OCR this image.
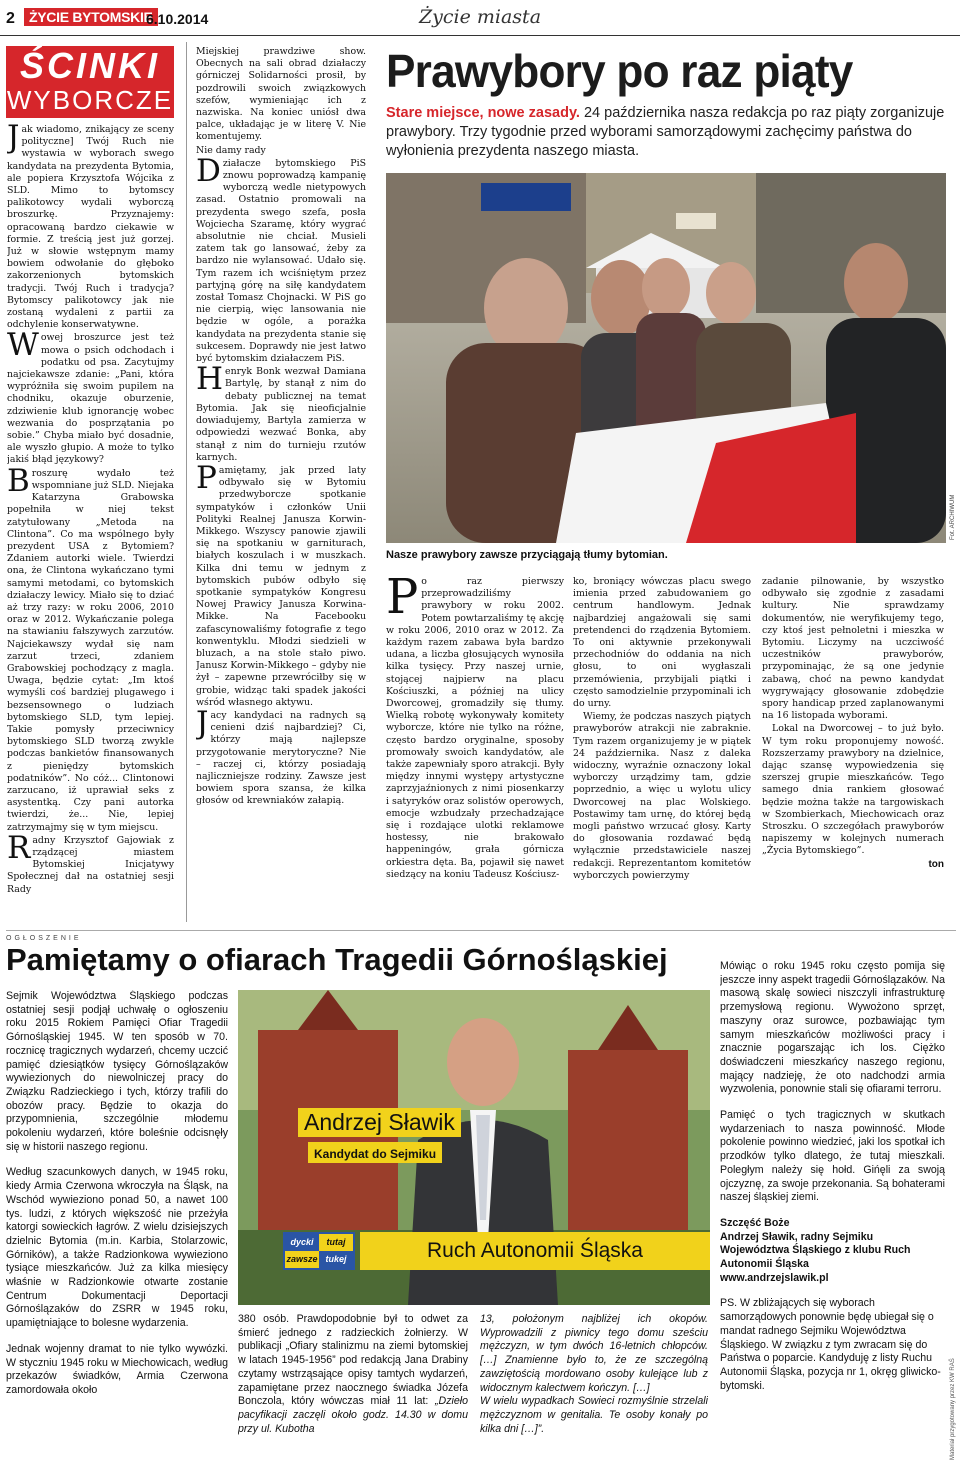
2	ŻYCIE BYTOMSKIE
6.10.2014	Życie miasta
ŚCINKI
WYBORCZE

Jak wiadomo, znikający ze sceny polityczne] Twój Ruch nie wystawia w wyborach swego kandydata na prezydenta Bytomia, ale popiera Krzysztofa Wójcika z SLD. Mimo to bytomscy palikotowcy wydali wyborczą broszurkę. Przyznajemy: opracowaną bardzo ciekawie w formie. Z treścią jest już gorzej. Już w słowie wstępnym mamy bowiem odwołanie do głęboko zakorzenionych bytomskich tradycji. Twój Ruch i tradycja? Bytomscy palikotowcy jak nie zostaną wydaleni z partii za odchylenie konserwatywne.

Wowej broszurce jest też mowa o psich odchodach i podatku od psa. Zacytujmy najciekawsze zdanie: „Pani, która wypróżniła się swoim pupilem na chodniku, okazuje oburzenie, zdziwienie klub ignorancję wobec wezwania do posprzątania po sobie.” Chyba miało być dosadnie, ale wyszło głupio. A może to tylko jakiś błąd językowy?

Broszurę wydało też wspomniane już SLD. Niejaka Katarzyna Grabowska popełniła w niej tekst zatytułowany „Metoda na Clintona”. Co ma wspólnego były prezydent USA z Bytomiem? Zdaniem autorki wiele. Twierdzi ona, że Clintona wykańczano tymi samymi metodami, co bytomskich działaczy lewicy. Miało się to dziać aż trzy razy: w roku 2006, 2010 oraz w 2012. Wykańczanie polega na stawianiu fałszywych zarzutów. Najciekawszy wydał się nam zarzut trzeci, zdaniem Grabowskiej pochodzący z magla. Uwaga, będzie cytat: „Im ktoś wymyśli coś bardziej plugawego i bezsensownego o ludziach bytomskiego SLD, tym lepiej. Takie pomysły przeciwnicy bytomskiego SLD tworzą zwykle podczas bankietów finansowanych z pieniędzy bytomskich podatników”. No cóż... Clintonowi zarzucano, iż uprawiał seks z asystentką. Czy pani autorka twierdzi, że... Nie, lepiej zatrzymajmy się w tym miejscu.

Radny Krzysztof Gajowiak z rządzącej miastem Bytomskiej Inicjatywy Społecznej dał na ostatniej sesji Rady

Miejskiej prawdziwe show. Obecnych na sali obrad działaczy górniczej Solidarności prosił, by pozdrowili swoich związkowych szefów, wymieniając ich z nazwiska. Na koniec uniósł dwa palce, układając je w literę V. Nie komentujemy.

Nie damy rady

Działacze bytomskiego PiS znowu poprowadzą kampanię wyborczą wedle nietypowych zasad. Ostatnio promowali na prezydenta swego szefa, posła Wojciecha Szaramę, który wygrać absolutnie nie chciał. Musieli zatem tak go lansować, żeby za bardzo nie wylansować. Udało się. Tym razem ich wciśniętym przez partyjną górę na siłę kandydatem został Tomasz Chojnacki. W PiS go nie cierpią, więc lansowania nie będzie w ogóle, a porażka kandydata na prezydenta stanie się sukcesem. Doprawdy nie jest łatwo być bytomskim działaczem PiS.

Henryk Bonk wezwał Damiana Bartylę, by stanął z nim do debaty publicznej na temat Bytomia. Jak się nieoficjalnie dowiadujemy, Bartyla zamierza w odpowiedzi wezwać Bonka, aby stanął z nim do turnieju rzutów karnych.

Pamiętamy, jak przed laty odbywało się w Bytomiu przedwyborcze spotkanie sympatyków i członków Unii Polityki Realnej Janusza Korwin-Mikkego. Wszyscy panowie zjawili się na spotkaniu w garniturach, białych koszulach i w muszkach. Kilka dni temu w jednym z bytomskich pubów odbyło się spotkanie sympatyków Kongresu Nowej Prawicy Janusza Korwina-Mikke. Na Facebooku zafascynowaliśmy fotografie z tego konwentyklu. Młodzi siedzieli w bluzach, a na stole stało piwo. Janusz Korwin-Mikkego – gdyby nie żył – zapewne przewróciłby się w grobie, widząc taki spadek jakości wśród własnego aktywu.

Jacy kandydaci na radnych są cenieni dziś najbardziej? Ci, którzy mają najlepsze przygotowanie merytoryczne? Nie – raczej ci, którzy posiadają najliczniejsze rodziny. Zawsze jest bowiem spora szansa, że kilka głosów od krewniaków załapią.

Prawybory po raz piąty
Stare miejsce, nowe zasady. 24 października nasza redakcja po raz piąty zorganizuje prawybory. Trzy tygodnie przed wyborami samorządowymi zachęcimy państwa do wyłonienia prezydenta naszego miasta.
Fot. ARCHIWUM
Nasze prawybory zawsze przyciągają tłumy bytomian.

Po raz pierwszy przeprowadziliśmy prawybory w roku 2002. Potem powtarzaliśmy tę akcję w roku 2006, 2010 oraz w 2012. Za każdym razem zabawa była bardzo udana, a liczba głosujących wynosiła kilka tysięcy. Przy naszej urnie, stojącej najpierw na placu Kościuszki, a później na ulicy Dworcowej, gromadziły się tłumy. Wielką robotę wykonywały komitety wyborcze, które nie tylko na różne, często bardzo oryginalne, sposoby promowały swoich kandydatów, ale także zapewniały sporo atrakcji. Były między innymi występy artystyczne zaprzyjaźnionych z nimi piosenkarzy i satyryków oraz solistów operowych, emocje wzbudzały przechadzające się i rozdające ulotki reklamowe hostessy, nie brakowało happeningów, grała górnicza orkiestra dęta. Ba, pojawił się nawet siedzący na koniu Tadeusz Kościusz-

ko, broniący wówczas placu swego imienia przed zabudowaniem go centrum handlowym. Jednak najbardziej angażowali się sami pretendenci do rządzenia Bytomiem. To oni aktywnie przekonywali przechodniów do oddania na nich głosu, to oni wygłaszali przemówienia, przybijali piątki i często samodzielnie przypominali ich do urny.

Wiemy, że podczas naszych piątych prawyborów atrakcji nie zabraknie. Tym razem organizujemy je w piątek 24 października. Nasz z daleka widoczny, wyraźnie oznaczony lokal wyborczy urządzimy tam, gdzie poprzednio, a więc u wylotu ulicy Dworcowej na plac Wolskiego. Postawimy tam urnę, do której będą mogli państwo wrzucać głosy. Karty do głosowania rozdawać będą wyłącznie przedstawiciele naszej redakcji. Reprezentantom komitetów wyborczych powierzymy

zadanie pilnowanie, by wszystko odbywało się zgodnie z zasadami kultury. Nie sprawdzamy dokumentów, nie weryfikujemy tego, czy ktoś jest pełnoletni i mieszka w Bytomiu. Liczymy na uczciwość uczestników prawyborów, przypominając, że są one jedynie zabawą, choć na pewno kandydat wygrywający głosowanie zdobędzie spory handicap przed zaplanowanymi na 16 listopada wyborami.

Lokal na Dworcowej – to już było. W tym roku proponujemy nowość. Rozszerzamy prawybory na dzielnice, dając szansę wypowiedzenia się szerszej grupie mieszkańców. Tego samego dnia rankiem głosować będzie można także na targowiskach w Szombierkach, Miechowicach oraz Stroszku. O szczegółach prawyborów napiszemy w kolejnych numerach „Życia Bytomskiego”.

ton

OGŁOSZENIE
Pamiętamy o ofiarach Tragedii Górnośląskiej

Sejmik Województwa Śląskiego podczas ostatniej sesji podjął uchwałę o ogłoszeniu roku 2015 Rokiem Pamięci Ofiar Tragedii Górnośląskiej 1945. W ten sposób w 70. rocznicę tragicznych wydarzeń, chcemy uczcić pamięć dziesiątków tysięcy Górnoślązaków wywiezionych do niewolniczej pracy do Związku Radzieckiego i tych, którzy trafili do obozów pracy. Będzie to okazja do przypomnienia, szczególnie młodemu pokoleniu wydarzeń, które boleśnie odcisnęły się w historii naszego regionu.

Według szacunkowych danych, w 1945 roku, kiedy Armia Czerwona wkroczyła na Śląsk, na Wschód wywieziono ponad 50, a nawet 100 tys. ludzi, z których większość nie przeżyła katorgi sowieckich łagrów. Z wielu dzisiejszych dzielnic Bytomia (m.in. Karbia, Stolarzowic, Górników), a także Radzionkowa wywieziono tysiące mieszkańców. Już za kilka miesięcy właśnie w Radzionkowie otwarte zostanie Centrum Dokumentacji Deportacji Górnoślązaków do ZSRR w 1945 roku, upamiętniające to bolesne wydarzenia.

Jednak wojenny dramat to nie tylko wywózki. W styczniu 1945 roku w Miechowicach, według przekazów świadków, Armia Czerwona zamordowała około

Andrzej Sławik
Kandydat do Sejmiku
dycki	tutaj
zawsze tukej	Ruch Autonomii Śląska

380 osób. Prawdopodobnie był to odwet za śmierć jednego z radzieckich żołnierzy. W publikacji „Ofiary stalinizmu na ziemi bytomskiej w latach 1945-1956” pod redakcją Jana Drabiny czytamy wstrząsające opisy tamtych wydarzeń, zapamiętane przez naocznego świadka Józefa Bonczola, który wówczas miał 11 lat: „Dzieło pacyfikacji zaczęli około godz. 14.30 w domu przy ul. Kubotha

13, położonym najbliżej ich okopów. Wyprowadzili z piwnicy tego domu sześciu mężczyzn, w tym dwóch 16-letnich chłopców. […] Znamienne było to, że ze szczególną zawziętością mordowano osoby kulejące lub z widocznym kalectwem kończyn. […]

W wielu wypadkach Sowieci rozmyślnie strzelali mężczyznom w genitalia. Te osoby konały po kilka dni […]”.

Mówiąc o roku 1945 roku często pomija się jeszcze inny aspekt tragedii Górnoślązaków. Na masową skalę sowieci niszczyli infrastrukturę przemysłową regionu. Wywożono sprzęt, maszyny oraz surowce, pozbawiając tym samym mieszkańców możliwości pracy i znacznie pogarszając ich los. Ciężko doświadczeni mieszkańcy naszego regionu, mający nadzieję, że oto nadchodzi armia wyzwolenia, ponownie stali się ofiarami terroru.

Pamięć o tych tragicznych w skutkach wydarzeniach to nasza powinność. Młode pokolenie powinno wiedzieć, jaki los spotkał ich przodków tylko dlatego, że tutaj mieszkali. Poległym należy się hołd. Gińęli za swoją ojczyznę, za swoje przekonania. Są bohaterami naszej śląskiej ziemi.

Szczęść Boże

Andrzej Sławik, radny Sejmiku Województwa Śląskiego z klubu Ruch Autonomii Śląska

www.andrzejslawik.pl

PS. W zbliżających się wyborach samorządowych ponownie będę ubiegał się o mandat radnego Sejmiku Województwa Śląskiego. W związku z tym zwracam się do Państwa o poparcie. Kandyduję z listy Ruchu Autonomii Śląska, pozycja nr 1, okręg gliwicko-bytomski.	Materiał przygotowany przez KW RAŚ
